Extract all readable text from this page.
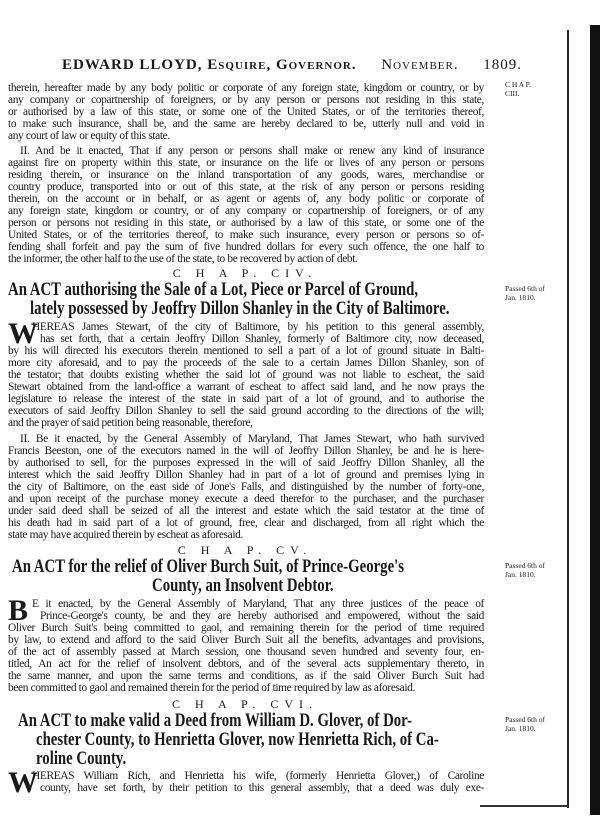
C H A P.
CIII.
therein, hereafter made by any body politic or corporate of any foreign state, kingdom or country, or by
any company or copartnership of foreigners, or by any person or persons not residing in this state,
or authorised by a law of this state, or some one of the United States, or of the territories thereof,
to make such insurance, shall be, and the same are hereby declared to be, utterly null and void in
any court of law or equity of this state.
II. And be it enacted, That if any person or persons shall make or renew any kind of insurance
against fire on property within this state, or insurance on the life or lives of any person or persons
residing therein, or insurance on the inland transportation of any goods, wares, merchandise or
country produce, transported into or out of this state, at the risk of any person or persons residing
therein, on the account or in behalf, or as agent or agents of, any body politic or corporate of
any foreign state, kingdom or country, or of any company or copartnership of foreigners, or of any
person or persons not residing in this state, or authorised by a law of this state, or some one of the
United States, or of the territories thereof, to make such insurance, every person or persons so of-
fending shall forfeit and pay the sum of five hundred dollars for every such offence, the one half to
the informer, the other half to the use of the state, to be recovered by action of debt.
C H A P. CIV.
An ACT authorising the Sale of a Lot, Piece or Parcel of Ground,
lately possessed by Jeoffry Dillon Shanley in the City of Baltimore.
Passed 6th of
Jan. 1810.
W
HEREAS James Stewart, of the city of Baltimore, by his petition to this general assembly,
has set forth, that a certain Jeoffry Dillon Shanley, formerly of Baltimore city, now deceased,
by his will directed his executors therein mentioned to sell a part of a lot of ground situate in Balti-
more city aforesaid, and to pay the proceeds of the sale to a certain James Dillon Shanley, son of
the testator; that doubts existing whether the said lot of ground was not liable to escheat, the said
Stewart obtained from the land-office a warrant of escheat to affect said land, and he now prays the
legislature to release the interest of the state in said part of a lot of ground, and to authorise the
executors of said Jeoffry Dillon Shanley to sell the said ground according to the directions of the will;
and the prayer of said petition being reasonable, therefore,
II. Be it enacted, by the General Assembly of Maryland, That James Stewart, who hath survived
Francis Beeston, one of the executors named in the will of Jeoffry Dillon Shanley, be and he is here-
by authorised to sell, for the purposes expressed in the will of said Jeoffry Dillon Shanley, all the
interest which the said Jeoffry Dillon Shanley had in part of a lot of ground and premises lying in
the city of Baltimore, on the east side of Jone's Falls, and distinguished by the number of forty-one,
and upon receipt of the purchase money execute a deed therefor to the purchaser, and the purchaser
under said deed shall be seized of all the interest and estate which the said testator at the time of
his death had in said part of a lot of ground, free, clear and discharged, from all right which the
state may have acquired therein by escheat as aforesaid.
C H A P. CV.
An ACT for the relief of Oliver Burch Suit, of Prince-George's
County, an Insolvent Debtor.
Passed 6th of
Jan. 1810.
B E it enacted, by the General Assembly of Maryland, That any three justices of the peace of
Prince-George's county, be and they are hereby authorised and empowered, without the said
Oliver Burch Suit's being committed to gaol, and remaining therein for the period of time required
by law, to extend and afford to the said Oliver Burch Suit all the benefits, advantages and provisions,
of the act of assembly passed at March session, one thousand seven hundred and seventy four, en-
titled, An act for the relief of insolvent debtors, and of the several acts supplementary thereto, in
the same manner, and upon the same terms and conditions, as if the said Oliver Burch Suit had
been committed to gaol and remained therein for the period of time required by law as aforesaid.
C H A P. CVI.
An ACT to make valid a Deed from William D. Glover, of Dor-
chester County, to Henrietta Glover, now Henrietta Rich, of Ca-
roline County.
Passed 6th of
Jan. 1810.
W
HEREAS William Rich, and Henrietta his wife, (formerly Henrietta Glover,) of Caroline
county, have set forth, by their petition to this general assembly, that a deed was duly exe-
EDWARD LLOYD, Esquire, Governor. November. 1809.
